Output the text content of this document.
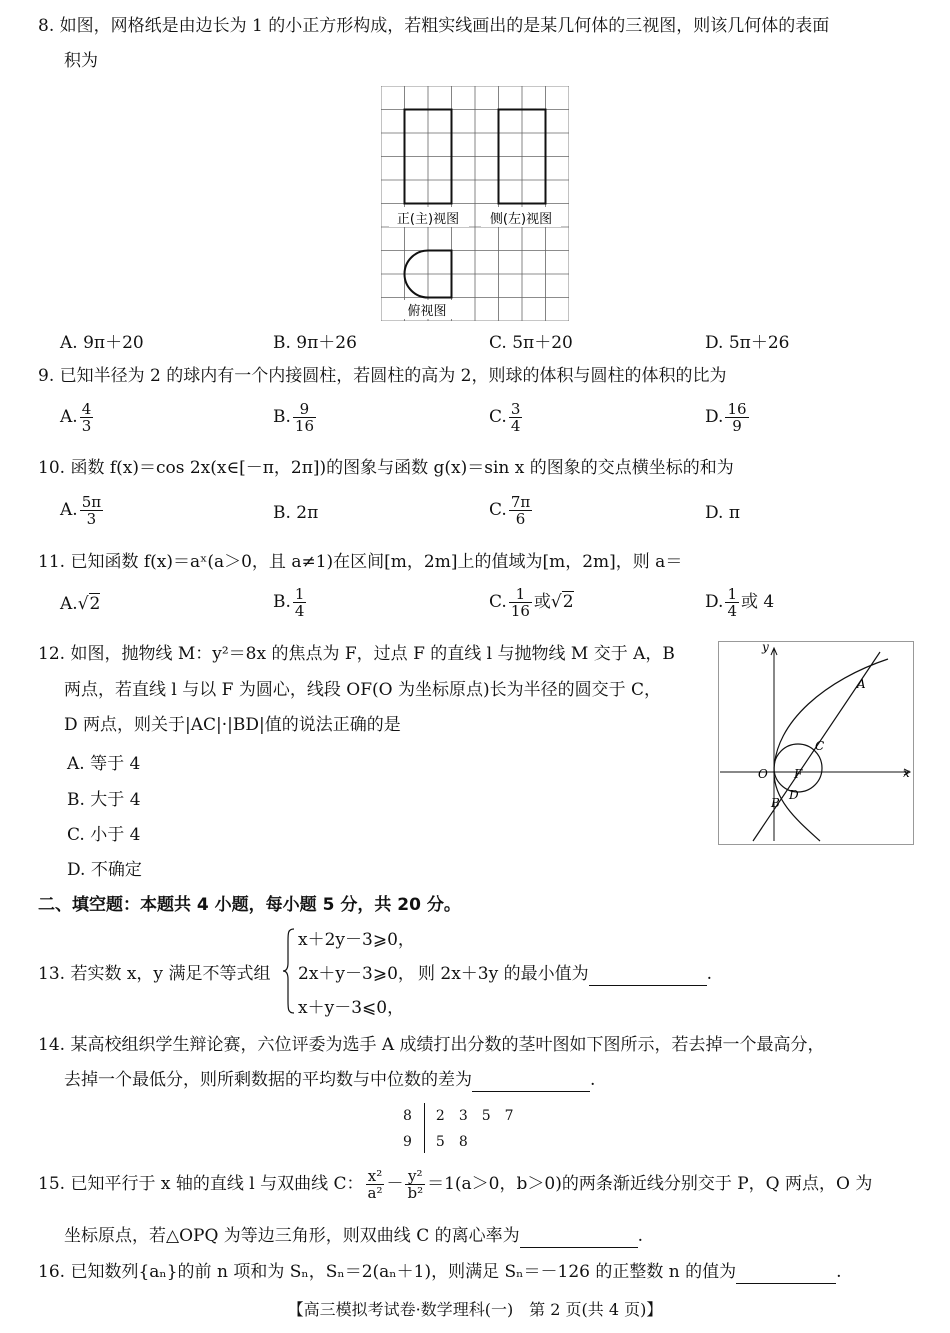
8. 如图，网格纸是由边长为 1 的小正方形构成，若粗实线画出的是某几何体的三视图，则该几何体的表面
积为
正(主)视图 侧(左)视图
俯视图
A. 9π＋20	B. 9π＋26	C. 5π＋20	D. 5π＋26
9. 已知半径为 2 的球内有一个内接圆柱，若圆柱的高为 2，则球的体积与圆柱的体积的比为
A. $\frac{4}{3}$	B. $\frac{9}{16}$	C. $\frac{3}{4}$	D. $\frac{16}{9}$
10. 函数 f(x)＝cos 2x(x∈[－π，2π])的图象与函数 g(x)＝sin x 的图象的交点横坐标的和为
A. $\frac{5\pi}{3}$	B. 2π	C. $\frac{7\pi}{6}$	D. π
11. 已知函数 f(x)＝aˣ(a＞0，且 a≠1)在区间[m，2m]上的值域为[m，2m]，则 a＝
A.√2	B. $\frac{1}{4}$	C. $\frac{1}{16}$ 或√2	D. $\frac{1}{4}$ 或 4
12. 如图，抛物线 M：y²＝8x 的焦点为 F，过点 F 的直线 l 与抛物线 M 交于 A，B
两点，若直线 l 与以 F 为圆心，线段 OF(O 为坐标原点)长为半径的圆交于 C，
D 两点，则关于|AC|·|BD|值的说法正确的是
A. 等于 4
B. 大于 4
C. 小于 4
D. 不确定
y
x
O F
A
B
C
D
二、填空题：本题共 4 小题，每小题 5 分，共 20 分。
13. 若实数 x，y 满足不等式组
x＋2y－3⩾0，
2x＋y－3⩾0，
x＋y－3⩽0，
则 2x＋3y 的最小值为	.
14. 某高校组织学生辩论赛，六位评委为选手 A 成绩打出分数的茎叶图如下图所示，若去掉一个最高分，
去掉一个最低分，则所剩数据的平均数与中位数的差为	.
8 2　3　5　7
9 5　8
15. 已知平行于 x 轴的直线 l 与双曲线 C： $\frac{\text{x²}}{\text{a²}} - \frac{\text{y²}}{\text{b²}} =1(a>0$，b＞0)的两条渐近线分别交于 P，Q 两点，O 为
坐标原点，若△OPQ 为等边三角形，则双曲线 C 的离心率为	.
16. 已知数列{aₙ}的前 n 项和为 Sₙ，Sₙ＝2(aₙ＋1)，则满足 Sₙ＝－126 的正整数 n 的值为	.
【高三模拟考试卷·数学理科(一)　第 2 页(共 4 页)】
